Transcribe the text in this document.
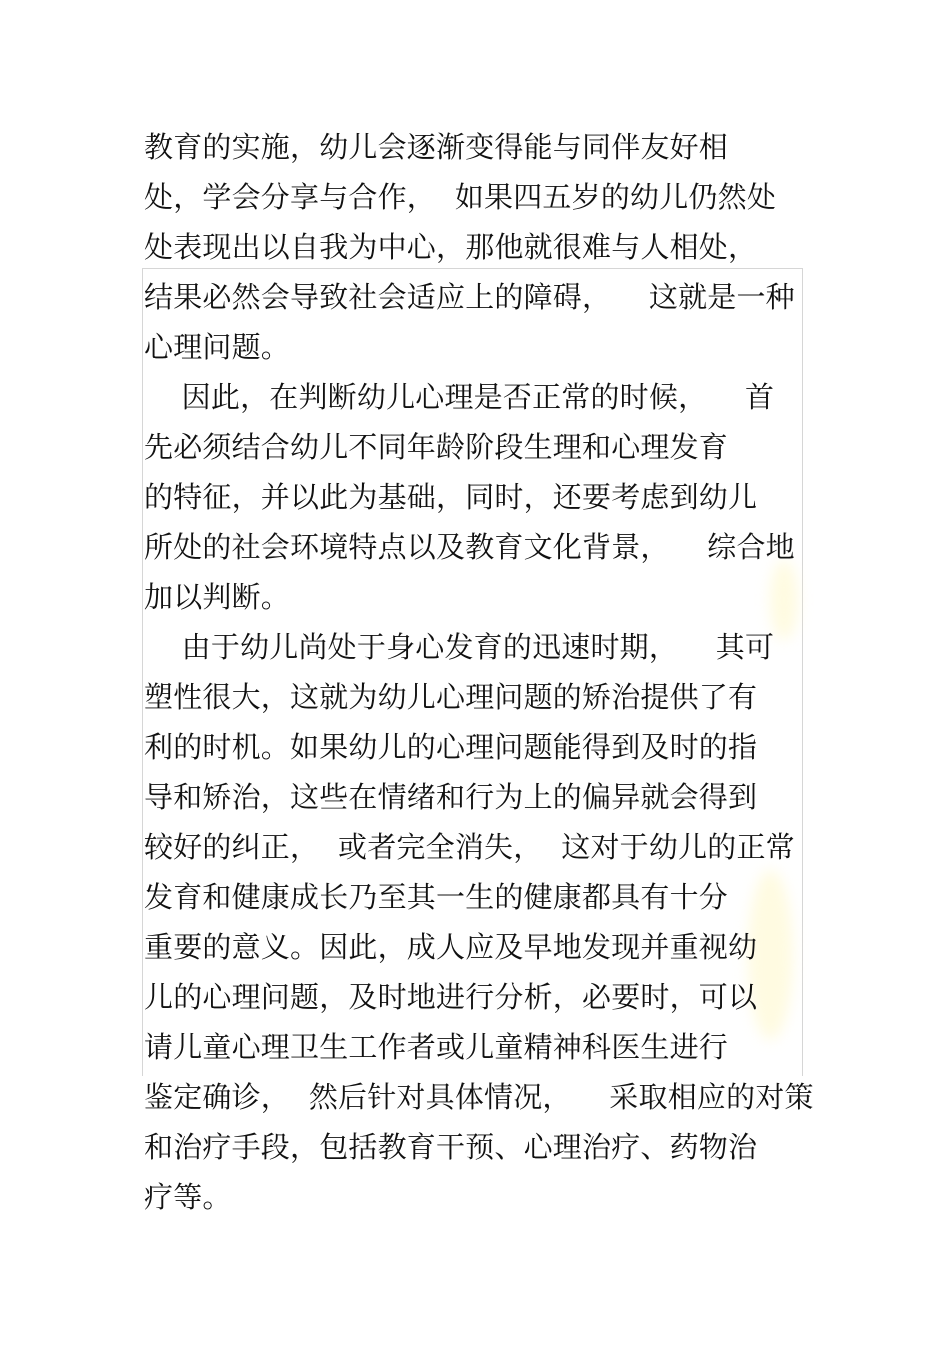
教育的实施，幼儿会逐渐变得能与同伴友好相
处，学会分享与合作，  如果四五岁的幼儿仍然处
处表现出以自我为中心，那他就很难与人相处，
结果必然会导致社会适应上的障碍，    这就是一种
心理问题。
因此，在判断幼儿心理是否正常的时候，    首
先必须结合幼儿不同年龄阶段生理和心理发育
的特征，并以此为基础，同时，还要考虑到幼儿
所处的社会环境特点以及教育文化背景，    综合地
加以判断。
由于幼儿尚处于身心发育的迅速时期，    其可
塑性很大，这就为幼儿心理问题的矫治提供了有
利的时机。如果幼儿的心理问题能得到及时的指
导和矫治，这些在情绪和行为上的偏异就会得到
较好的纠正，  或者完全消失，  这对于幼儿的正常
发育和健康成长乃至其一生的健康都具有十分
重要的意义。因此，成人应及早地发现并重视幼
儿的心理问题，及时地进行分析，必要时，可以
请儿童心理卫生工作者或儿童精神科医生进行
鉴定确诊，  然后针对具体情况，    采取相应的对策
和治疗手段，包括教育干预、心理治疗、药物治
疗等。
